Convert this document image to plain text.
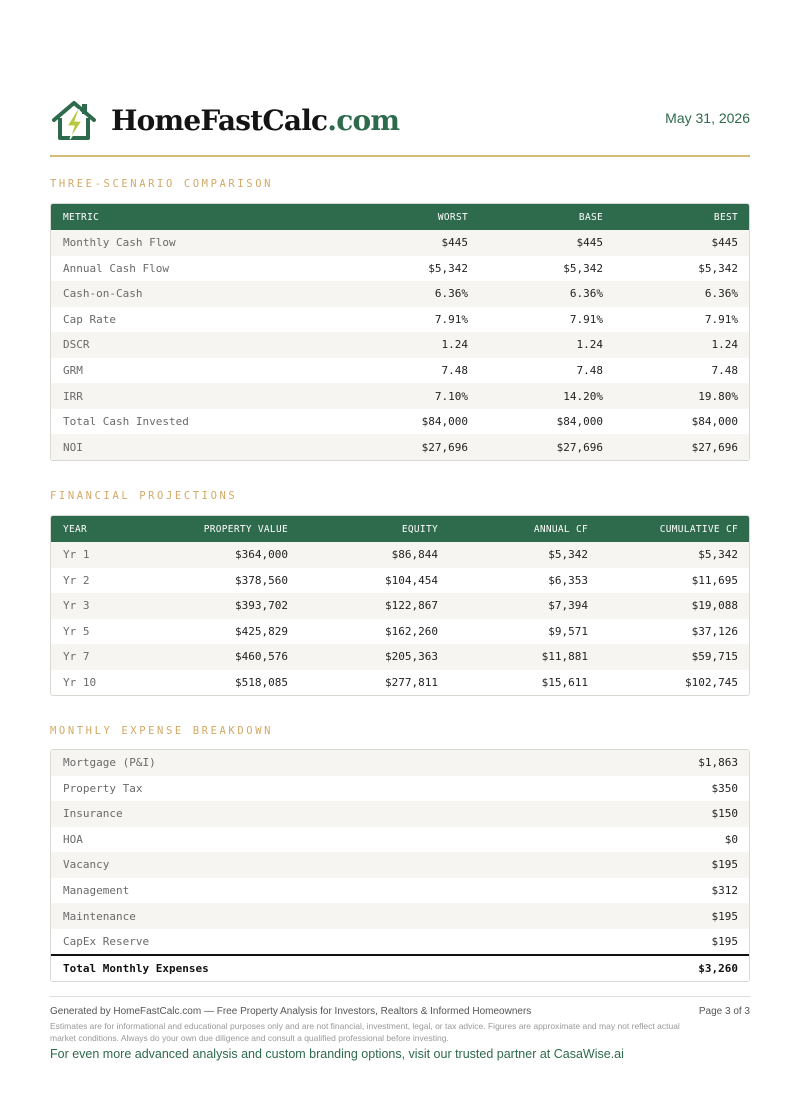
HomeFastCalc.com	May 31, 2026
THREE-SCENARIO COMPARISON
METRIC	WORST	BASE	BEST
Monthly Cash Flow	$445	$445	$445
Annual Cash Flow	$5,342	$5,342	$5,342
Cash-on-Cash	6.36%	6.36%	6.36%
Cap Rate	7.91%	7.91%	7.91%
DSCR	1.24	1.24	1.24
GRM	7.48	7.48	7.48
IRR	7.10%	14.20%	19.80%
Total Cash Invested	$84,000	$84,000	$84,000
NOI	$27,696	$27,696	$27,696
FINANCIAL PROJECTIONS
YEAR	PROPERTY VALUE	EQUITY	ANNUAL CF	CUMULATIVE CF
Yr 1	$364,000	$86,844	$5,342	$5,342
Yr 2	$378,560	$104,454	$6,353	$11,695
Yr 3	$393,702	$122,867	$7,394	$19,088
Yr 5	$425,829	$162,260	$9,571	$37,126
Yr 7	$460,576	$205,363	$11,881	$59,715
Yr 10	$518,085	$277,811	$15,611	$102,745
MONTHLY EXPENSE BREAKDOWN
Mortgage (P&I)	$1,863
Property Tax	$350
Insurance	$150
HOA	$0
Vacancy	$195
Management	$312
Maintenance	$195
CapEx Reserve	$195
Total Monthly Expenses	$3,260
Generated by HomeFastCalc.com — Free Property Analysis for Investors, Realtors & Informed Homeowners	Page 3 of 3
Estimates are for informational and educational purposes only and are not financial, investment, legal, or tax advice. Figures are approximate and may not reflect actual market conditions. Always do your own due diligence and consult a qualified professional before investing.
For even more advanced analysis and custom branding options, visit our trusted partner at CasaWise.ai
